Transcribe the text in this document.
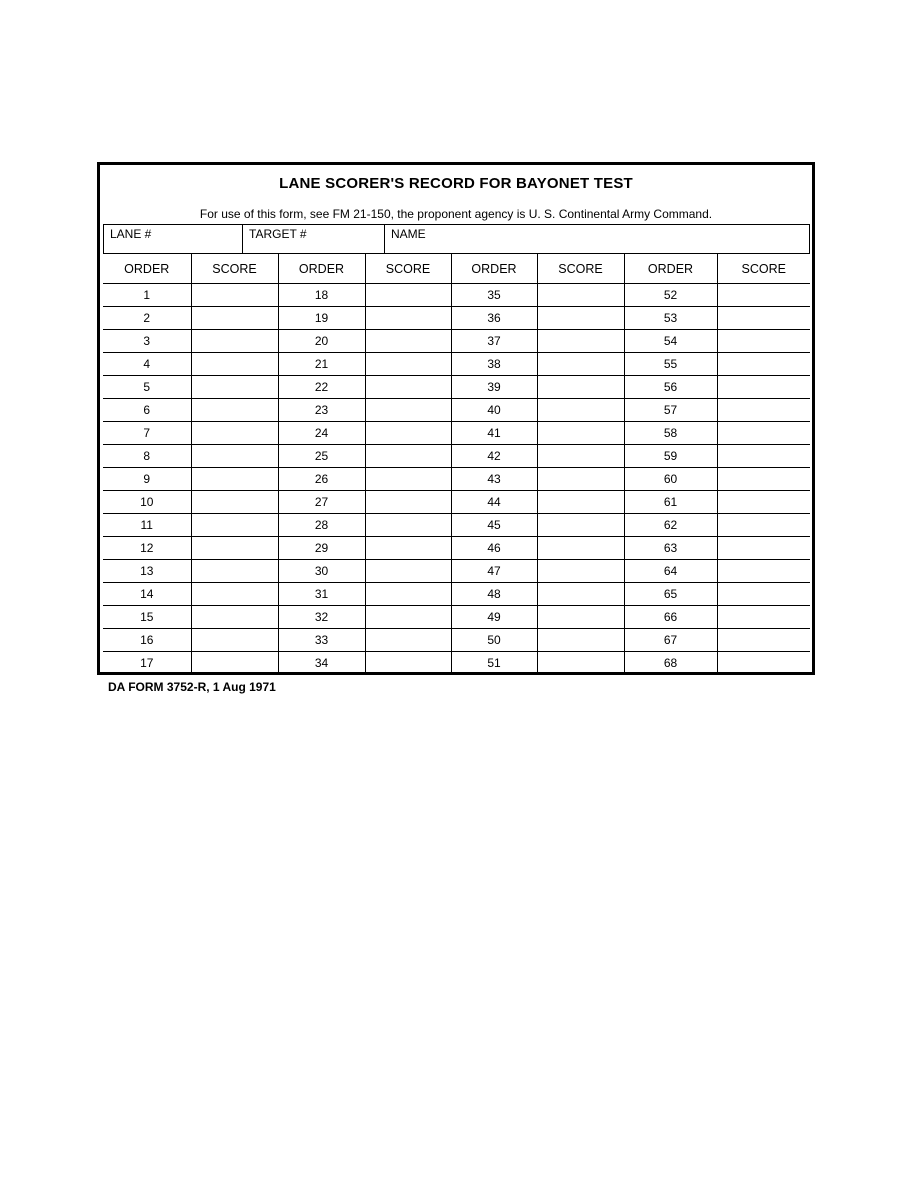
LANE SCORER'S RECORD FOR BAYONET TEST
For use of this form, see FM 21-150, the proponent agency is U. S. Continental Army Command.
LANE #	TARGET #	NAME
ORDER	SCORE	ORDER	SCORE	ORDER	SCORE	ORDER	SCORE
1		18		35		52	
2		19		36		53	
3		20		37		54	
4		21		38		55	
5		22		39		56	
6		23		40		57	
7		24		41		58	
8		25		42		59	
9		26		43		60	
10		27		44		61	
11		28		45		62	
12		29		46		63	
13		30		47		64	
14		31		48		65	
15		32		49		66	
16		33		50		67	
17		34		51		68	
DA FORM 3752-R, 1 Aug 1971
